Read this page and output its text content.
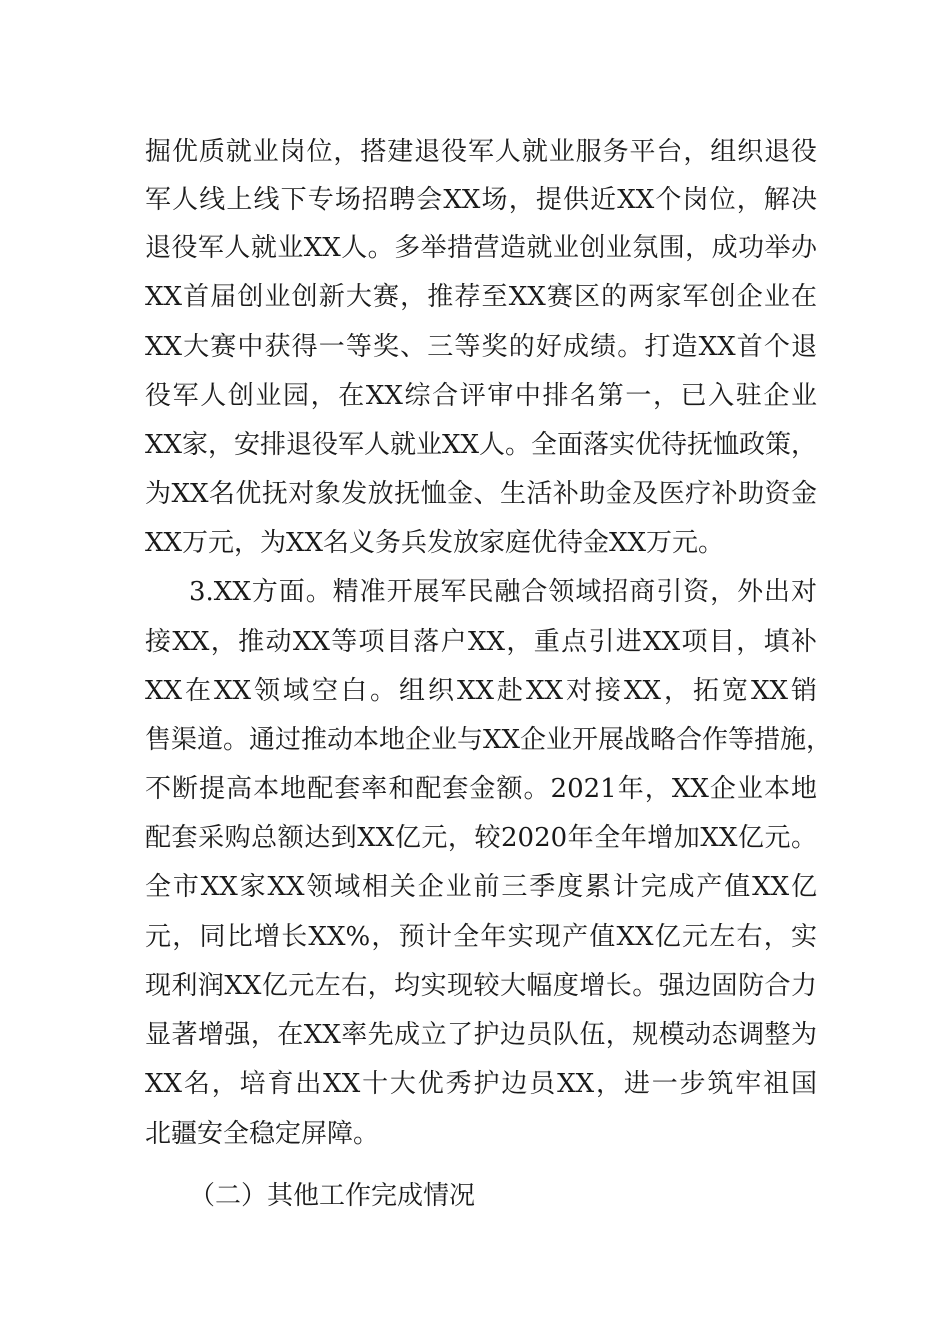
掘优质就业岗位，搭建退役军人就业服务平台，组织退役

军人线上线下专场招聘会XX场，提供近XX个岗位，解决

退役军人就业XX人。多举措营造就业创业氛围，成功举办

XX首届创业创新大赛，推荐至XX赛区的两家军创企业在

XX大赛中获得一等奖、三等奖的好成绩。打造XX首个退

役军人创业园，在XX综合评审中排名第一，已入驻企业

XX家，安排退役军人就业XX人。全面落实优待抚恤政策，

为XX名优抚对象发放抚恤金、生活补助金及医疗补助资金

XX万元，为XX名义务兵发放家庭优待金XX万元。

3.XX方面。精准开展军民融合领域招商引资，外出对

接XX，推动XX等项目落户XX，重点引进XX项目，填补

XX在XX领域空白。组织XX赴XX对接XX，拓宽XX销

售渠道。通过推动本地企业与XX企业开展战略合作等措施，

不断提高本地配套率和配套金额。2021年，XX企业本地

配套采购总额达到XX亿元，较2020年全年增加XX亿元。

全市XX家XX领域相关企业前三季度累计完成产值XX亿

元，同比增长XX%，预计全年实现产值XX亿元左右，实

现利润XX亿元左右，均实现较大幅度增长。强边固防合力

显著增强，在XX率先成立了护边员队伍，规模动态调整为

XX名，培育出XX十大优秀护边员XX，进一步筑牢祖国

北疆安全稳定屏障。

（二）其他工作完成情况
